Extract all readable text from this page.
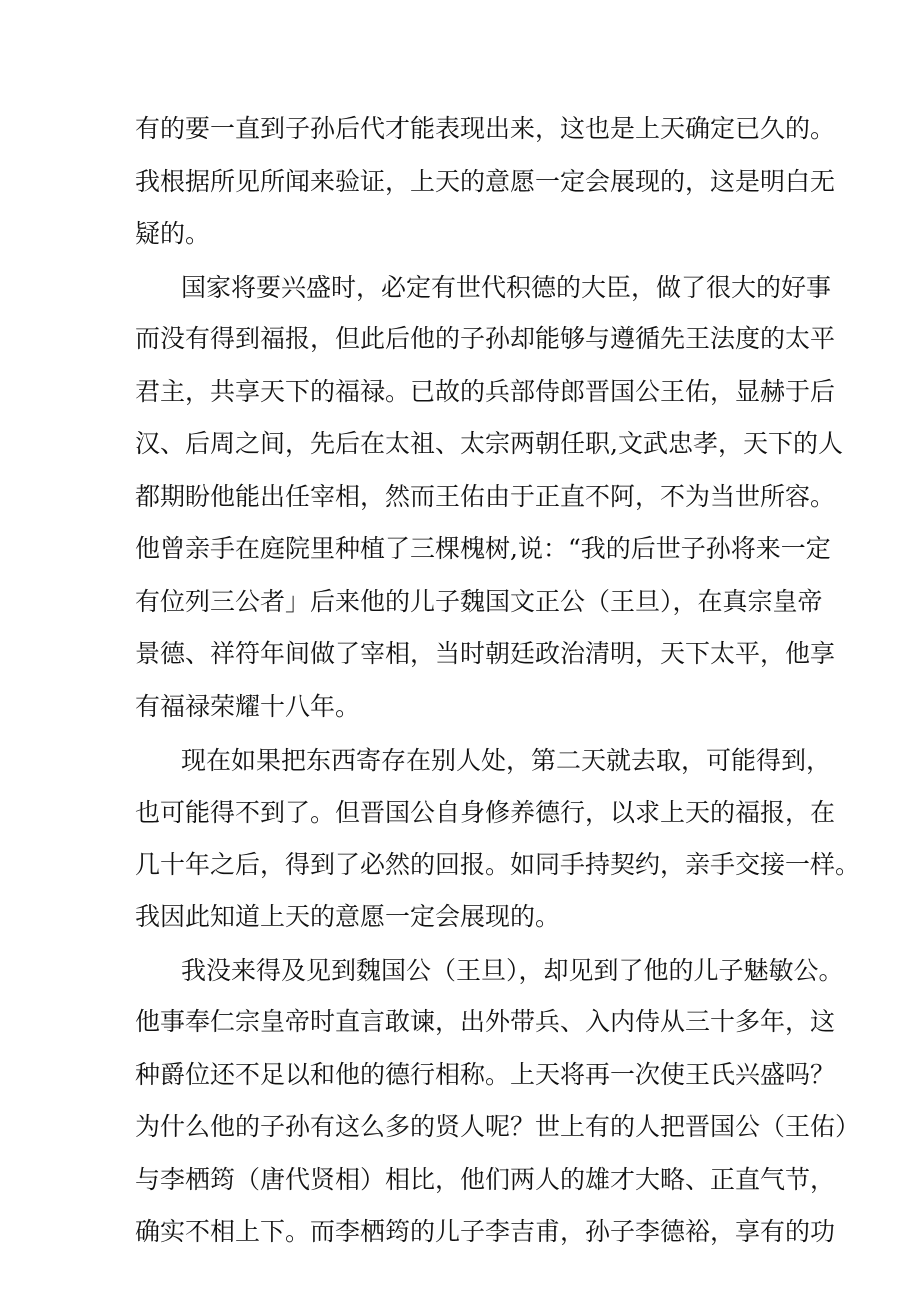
有的要一直到子孙后代才能表现出来，这也是上天确定已久的。
我根据所见所闻来验证，上天的意愿一定会展现的，这是明白无
疑的。
国家将要兴盛时，必定有世代积德的大臣，做了很大的好事
而没有得到福报，但此后他的子孙却能够与遵循先王法度的太平
君主，共享天下的福禄。已故的兵部侍郎晋国公王佑，显赫于后
汉、后周之间，先后在太祖、太宗两朝任职,文武忠孝，天下的人
都期盼他能出任宰相，然而王佑由于正直不阿，不为当世所容。
他曾亲手在庭院里种植了三棵槐树,说：“我的后世子孙将来一定
有位列三公者」后来他的儿子魏国文正公（王旦），在真宗皇帝
景德、祥符年间做了宰相，当时朝廷政治清明，天下太平，他享
有福禄荣耀十八年。
现在如果把东西寄存在别人处，第二天就去取，可能得到，
也可能得不到了。但晋国公自身修养德行，以求上天的福报，在
几十年之后，得到了必然的回报。如同手持契约，亲手交接一样。
我因此知道上天的意愿一定会展现的。
我没来得及见到魏国公（王旦），却见到了他的儿子魅敏公。
他事奉仁宗皇帝时直言敢谏，出外带兵、入内侍从三十多年，这
种爵位还不足以和他的德行相称。上天将再一次使王氏兴盛吗？
为什么他的子孙有这么多的贤人呢？世上有的人把晋国公（王佑）
与李栖筠（唐代贤相）相比，他们两人的雄才大略、正直气节，
确实不相上下。而李栖筠的儿子李吉甫，孙子李德裕，享有的功
